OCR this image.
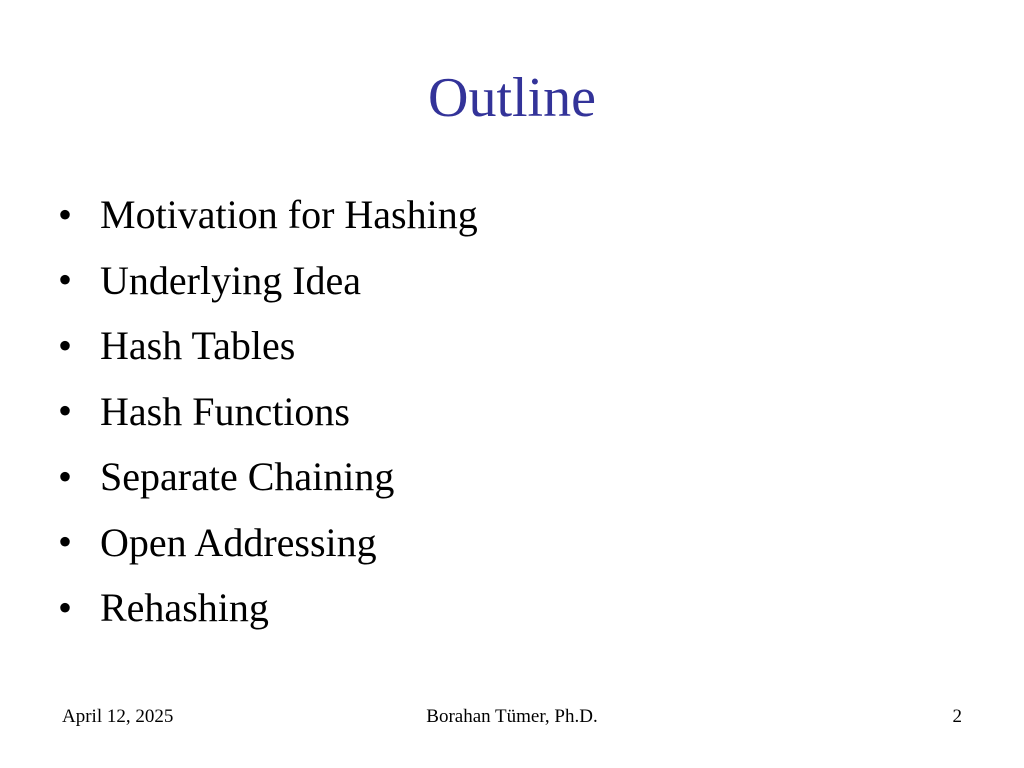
Outline
• Motivation for Hashing
• Underlying Idea
• Hash Tables
• Hash Functions
• Separate Chaining
• Open Addressing
• Rehashing
April 12, 2025	Borahan Tümer, Ph.D.	2
